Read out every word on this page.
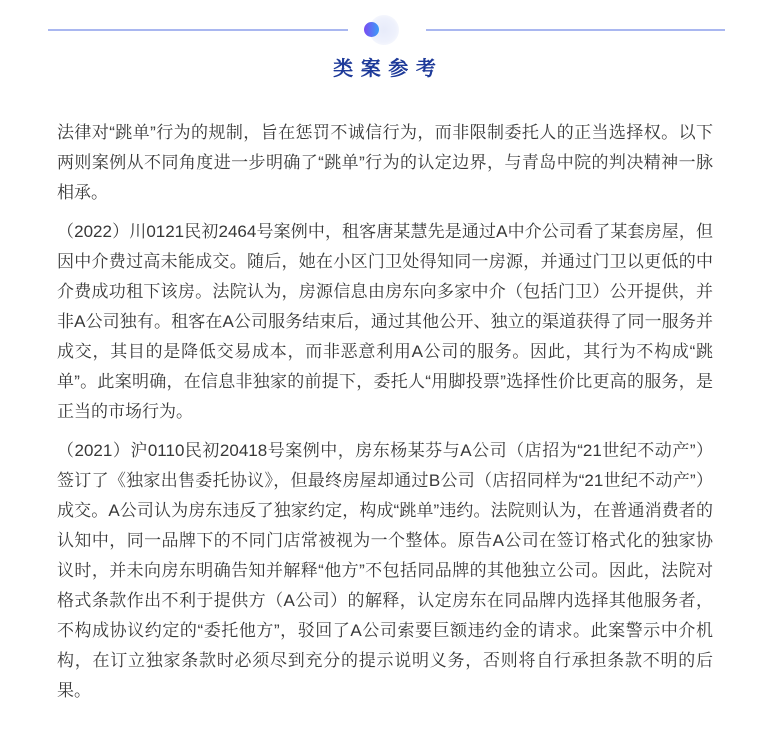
类 案 参 考

法律对“跳单”行为的规制，旨在惩罚不诚信行为，而非限制委托人的正当选择权。以下两则案例从不同角度进一步明确了“跳单”行为的认定边界，与青岛中院的判决精神一脉相承。

（2022）川0121民初2464号案例中，租客唐某慧先是通过A中介公司看了某套房屋，但因中介费过高未能成交。随后，她在小区门卫处得知同一房源，并通过门卫以更低的中介费成功租下该房。法院认为，房源信息由房东向多家中介（包括门卫）公开提供，并非A公司独有。租客在A公司服务结束后，通过其他公开、独立的渠道获得了同一服务并成交，其目的是降低交易成本，而非恶意利用A公司的服务。因此，其行为不构成“跳单”。此案明确，在信息非独家的前提下，委托人“用脚投票”选择性价比更高的服务，是正当的市场行为。

（2021）沪0110民初20418号案例中，房东杨某芬与A公司（店招为“21世纪不动产”）签订了《独家出售委托协议》，但最终房屋却通过B公司（店招同样为“21世纪不动产”）成交。A公司认为房东违反了独家约定，构成“跳单”违约。法院则认为，在普通消费者的认知中，同一品牌下的不同门店常被视为一个整体。原告A公司在签订格式化的独家协议时，并未向房东明确告知并解释“他方”不包括同品牌的其他独立公司。因此，法院对格式条款作出不利于提供方（A公司）的解释，认定房东在同品牌内选择其他服务者，不构成协议约定的“委托他方”，驳回了A公司索要巨额违约金的请求。此案警示中介机构，在订立独家条款时必须尽到充分的提示说明义务，否则将自行承担条款不明的后果。
